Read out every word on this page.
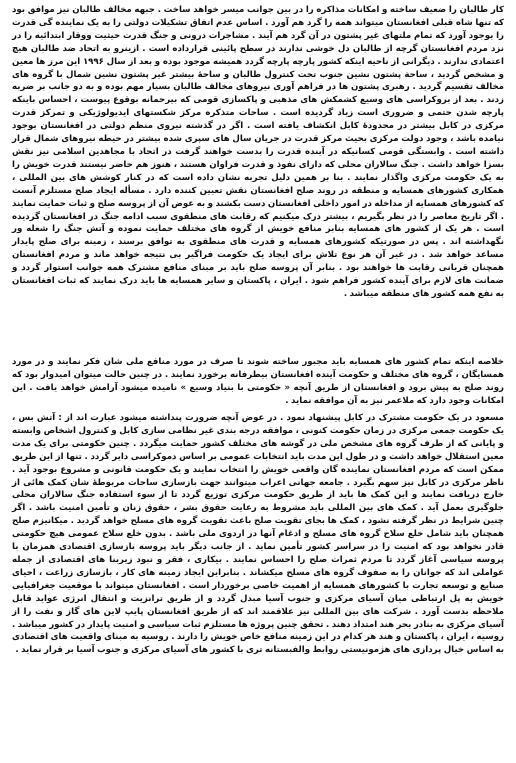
کار طالبان را ضعیف ساخته و امکانات مذاکره را در بین جوانب میسر خواهد ساخت . جبهه مخالف طالبان نیز موافق بود که تنها شاه قبلی افغانستان میتواند همه را گرد هم آورد . اساس عدم اتفاق تشکیلات دولتی را به یک نماینده گی قدرت را بوجود آورد که تمام ملتهای غیر پشتون در آن گرد هم آیند . مشاجرات درونی و جنگ قدرت حیثیت ووقار ابتدائیه را در نزد مردم افغانستان گرچه از طالبان دل خوشی ندارند در سطح پائینی قرارداده است . ازینرو به اتحاد ضد طالبان هیچ اعتمادی ندارند . دیگرانی از ناحیه اینکه کشور پارچه پارچه گردد همیشه موجود بوده و بعد از سال ۱۹۹۶ این مرز ها معین و مشخص گردید ، ساحة پشتون نشین جنوب تحت کنترول طالبان و ساحۀ بیشتر غیر پشتون نشین شمال با گروه های مخالف تقسیم گردید . رهبری پشتون ها در فراهم آوری نیروهای مخالف طالبان بسیار مهم بوده و به دو جانب بر ضربه زدند . بعد از بروکراسی های وسیع کشمکش های مذهبی و پاکسازی قومی که بیرحمانه بوقوع پیوست ، احساس باینکه پارچه شدن حتمی و ضروری است زیاد گردیده است . ساحات متذکره مرکز شکستهای ایدیولوژیکی و تمرکز قدرت مرکزی در کابل بیشتر در محدودۀ کابل انکشاف یافته است . اگر در گذشته نیروی منظم دولتی در افغانستان بوجود نیامده باشد ، وجود دولت مرکزی بحیث مرکز قدرت در جریان سال های سپری شده بیشتر در حیطه نیروهای شمال قرار داشته است . وابستگی قومی کسانیکه در آینده قدرت را بدست خواهند گرفت در اتحاد با مجاهدین اسلامی نیز نقش بسزا خواهد داشت . جنگ سالاران محلی که دارای نفوذ و قدرت فراوان هستند ، هنوز هم حاضر نیستند قدرت خویش را به یک حکومت مرکزی واگذار نمایند . بنا بر همین دلیل تجربه نشان داده است که در کنار کوشش های بین المللی ، همکاری کشورهای همسایه و منطقه در روند صلح افغانستان نقش تعیین کننده دارد . مسأله ایجاد صلح مستلزم آنست که کشورهای همسایه از مداخله در امور داخلی افغانستان دست بکشند و به عوض آن از پروسه صلح و ثبات حمایت نمایند . اگر تاریخ معاصر را در نظر بگیریم ، بیشتر درک میکنیم که رقابت های منطقوی سبب ادامه جنگ در افغانستان گردیده است . هر یک از کشور های همسایه بنابر منافع خویش از گروه های مختلف حمایت نموده و آتش جنگ را شعله ور نگهداشته اند . پس در صورتیکه کشورهای همسایه و قدرت های منطقوی به توافق برسند ، زمینه برای صلح پایدار مساعد خواهد شد . در غیر آن هر نوع تلاش برای ایجاد یک حکومت فراگیر بی نتیجه خواهد ماند و مردم افغانستان همچنان قربانی رقابت ها خواهند بود . بنابر آن پروسه صلح باید بر مبنای منافع مشترک همه جوانب استوار گردد و ضمانت های لازم برای آینده کشور فراهم شود . ایران ، پاکستان و سایر همسایه ها باید درک نمایند که ثبات افغانستان به نفع همه کشور های منطقه میباشد .

خلاصه اینکه تمام کشور های همسایه باید مجبور ساخته شوند تا صرف در مورد منافع ملی شان فکر نمایند و در مورد همسایگان ، گروه های مختلف و حکومت آینده افغانستان بیطرفانه برخورد نمایند . در چنین حالت میتوان امیدوار بود که روند صلح به پیش برود و افغانستان از طریق آنچه « حکومتی با بنیاد وسیع » نامیده میشود آرامش خواهد یافت . این امکانات وجود دارد که ملاعمر نیز به آن موافقه نماید .

مسعود در یک حکومت مشترک در کابل پیشنهاد نمود . در عوض آنچه ضرورت پنداشته میشود عبارت اند از : آتش بس ، یک حکومت جمعی مرکزی در زمان حکومت کنونی ، موافقه درجه بندی غیر نظامی سازی کابل و کنترول اشخاص وابسته و پایانی که از طرف گروه های مشخص ملی در گوشه های مختلف کشور حمایت میگردد . چنین حکومتی برای یک مدت معین استقلال خواهد داشت و در طول این مدت باید انتخابات عمومی بر اساس دموکراسی دایر گردد . تنها از این طریق ممکن است که مردم افغانستان نماینده گان واقعی خویش را انتخاب نمایند و یک حکومت قانونی و مشروع بوجود آید . ناظر مرکزی در کابل نیز سهم بگیرد . جامعه جهانی اعراب میتوانند جهت بازسازی ساحات مربوطۀ شان کمک هائی از خارج دریافت نمایند و این کمک ها باید از طریق حکومت مرکزی توزیع گردد تا از سوء استفاده جنگ سالاران محلی جلوگیری بعمل آید . کمک های بین المللی باید مشروط به رعایت حقوق بشر ، حقوق زنان و تأمین امنیت باشد . اگر چنین شرایط در نظر گرفته نشود ، کمک ها بجای تقویت صلح باعث تقویت گروه های مسلح خواهد گردید . میکانیزم صلح همچنان باید شامل خلع سلاح گروه های مسلح و ادغام آنها در اردوی ملی باشد . بدون خلع سلاح عمومی هیچ حکومتی قادر نخواهد بود که امنیت را در سراسر کشور تأمین نماید . از جانب دیگر باید پروسه بازسازی اقتصادی همزمان با پروسه سیاسی آغاز گردد تا مردم ثمرات صلح را احساس نمایند . بیکاری ، فقر و نبود زیربنا های اقتصادی از جمله عواملی اند که جوانان را به صفوف گروه های مسلح میکشاند . بنابراین ایجاد زمینه های کار ، بازسازی زراعت ، احیای صنایع و توسعه تجارت با کشورهای همسایه از اهمیت خاصی برخوردار است . افغانستان میتواند با موقعیت جغرافیایی خویش به پل ارتباطی میان آسیای مرکزی و جنوب آسیا مبدل گردد و از طریق ترانزیت و انتقال انرژی عواید قابل ملاحظه بدست آورد . شرکت های بین المللی نیز علاقمند اند که از طریق افغانستان پایپ لاین های گاز و نفت را از آسیای مرکزی به بنادر بحر هند امتداد دهند . تحقق چنین پروژه ها مستلزم ثبات سیاسی و امنیت پایدار در کشور میباشد . روسیه ، ایران ، پاکستان و هند هر کدام در این زمینه منافع خاص خویش را دارند . روسیه به مبنای واقعیت های اقتصادی به اساس خیال پردازی های هژمونیستی روابط والفبستانه تری با کشور های آسیای مرکزی و جنوب آسیا بر قرار نماید .
